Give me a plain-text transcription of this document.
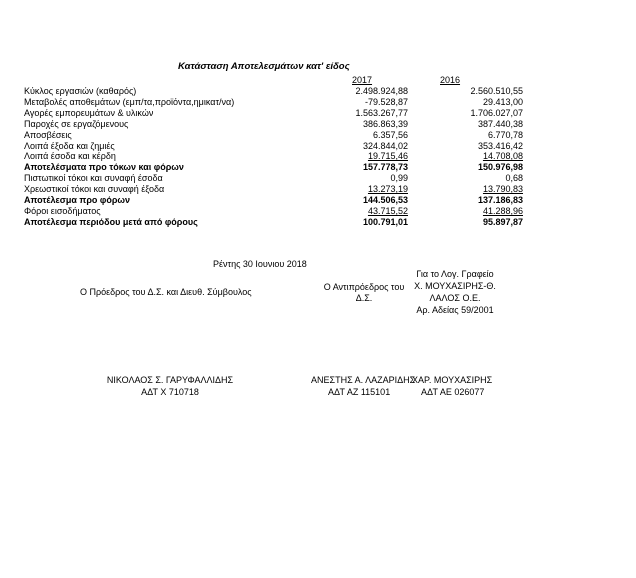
Κατάσταση Αποτελεσμάτων κατ' είδος
2017	2016
Κύκλος εργασιών (καθαρός)	2.498.924,88	2.560.510,55
Μεταβολές αποθεμάτων (εμπ/τα,προϊόντα,ημικατ/να)	-79.528,87	29.413,00
Αγορές εμπορευμάτων & υλικών	1.563.267,77	1.706.027,07
Παροχές σε εργαζόμενους	386.863,39	387.440,38
Αποσβέσεις	6.357,56	6.770,78
Λοιπά έξοδα και ζημιές	324.844,02	353.416,42
Λοιπά έσοδα και κέρδη	19.715,46	14.708,08
Αποτελέσματα προ τόκων και φόρων	157.778,73	150.976,98
Πιστωτικοί τόκοι και συναφή έσοδα	0,99	0,68
Χρεωστικοί τόκοι και συναφή έξοδα	13.273,19	13.790,83
Αποτέλεσμα προ φόρων	144.506,53	137.186,83
Φόροι εισοδήματος	43.715,52	41.288,96
Αποτέλεσμα περιόδου μετά από φόρους	100.791,01	95.897,87
Ρέντης 30 Ιουνιου 2018
Ο Πρόεδρος του Δ.Σ. και Διευθ. Σύμβουλος	Ο Αντιπρόεδρος του
Δ.Σ.
Για το Λογ. Γραφείο
Χ. ΜΟΥΧΑΣΙΡΗΣ-Θ.
ΛΑΛΟΣ Ο.Ε.
Αρ. Αδείας 59/2001
ΝΙΚΟΛΑΟΣ Σ. ΓΑΡΥΦΑΛΛΙΔΗΣ
ΑΔΤ Χ 710718
ΑΝΕΣΤΗΣ Α. ΛΑΖΑΡΙΔΗΣ
ΑΔΤ ΑΖ 115101
ΧΑΡ. ΜΟΥΧΑΣΙΡΗΣ
ΑΔΤ ΑΕ 026077
